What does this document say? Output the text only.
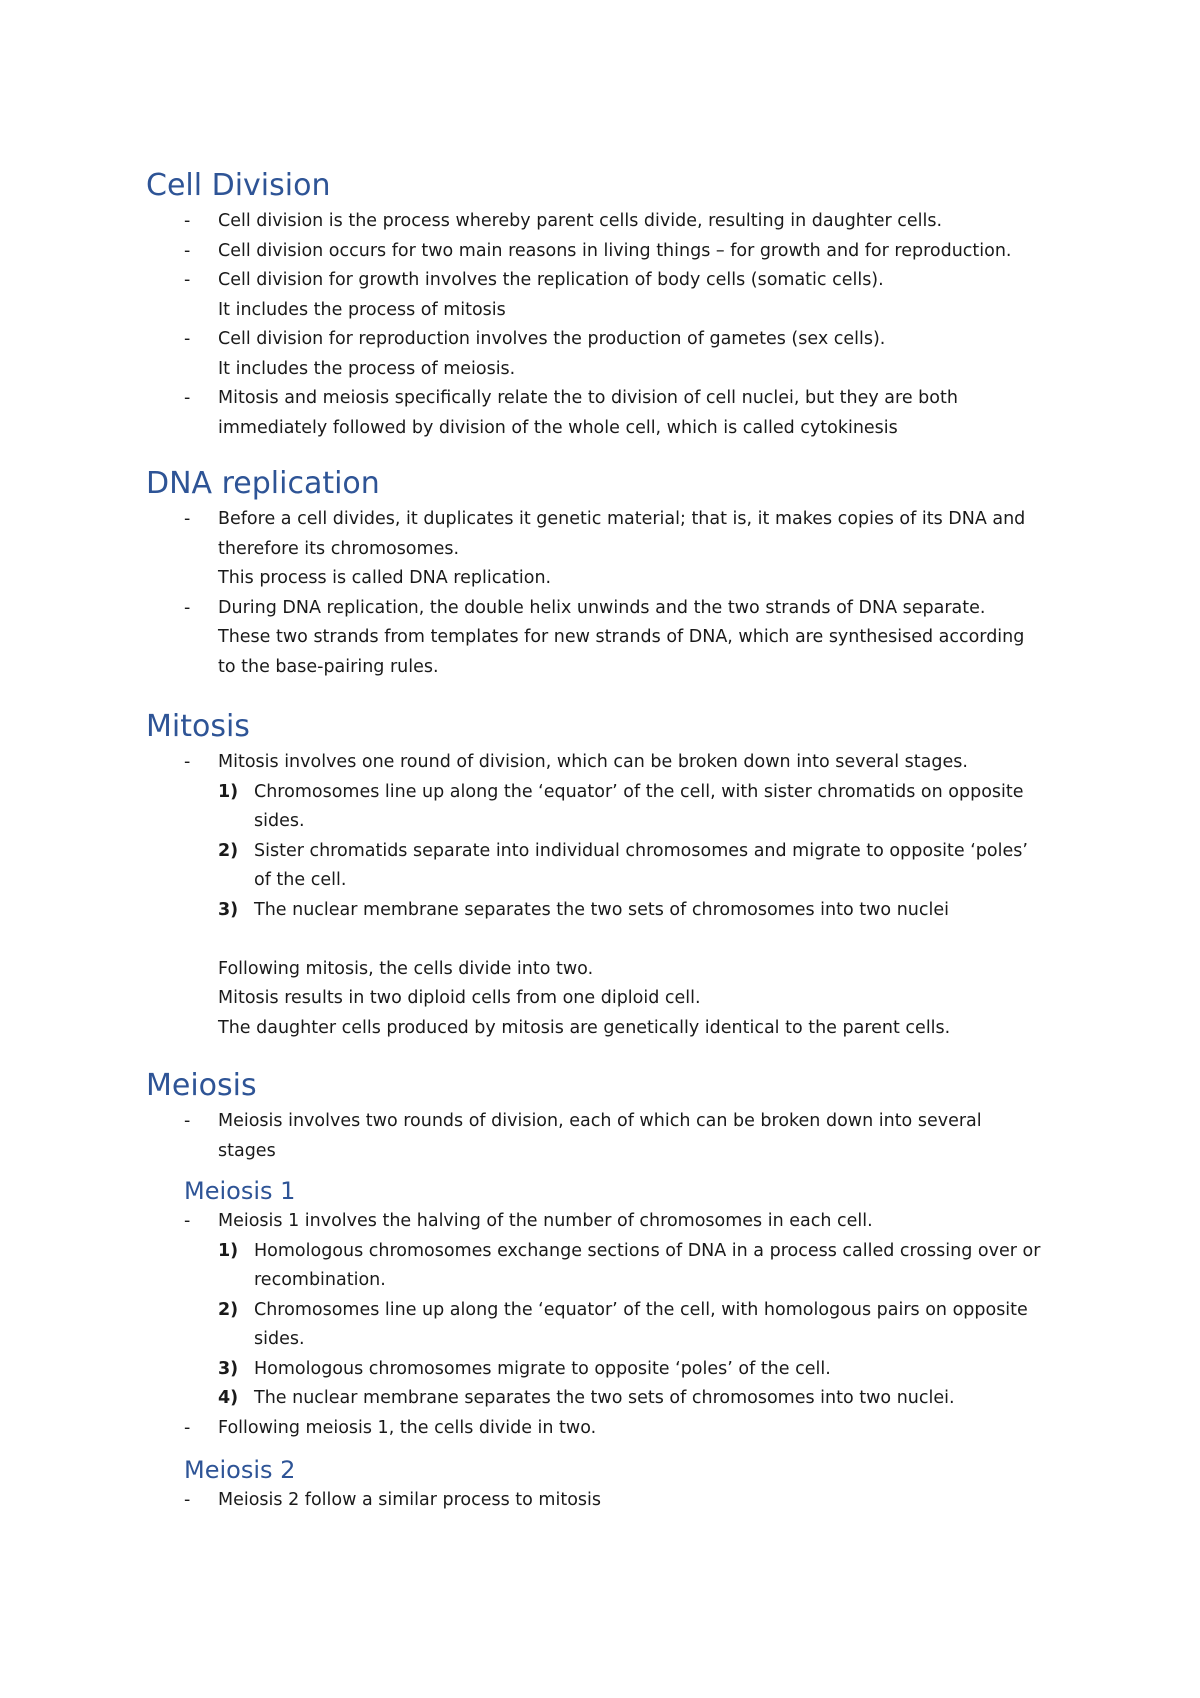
Cell Division
- Cell division is the process whereby parent cells divide, resulting in daughter cells.
- Cell division occurs for two main reasons in living things – for growth and for reproduction.
- Cell division for growth involves the replication of body cells (somatic cells).
It includes the process of mitosis
- Cell division for reproduction involves the production of gametes (sex cells).
It includes the process of meiosis.
- Mitosis and meiosis specifically relate the to division of cell nuclei, but they are both
immediately followed by division of the whole cell, which is called cytokinesis
DNA replication
- Before a cell divides, it duplicates it genetic material; that is, it makes copies of its DNA and
therefore its chromosomes.
This process is called DNA replication.
- During DNA replication, the double helix unwinds and the two strands of DNA separate.
These two strands from templates for new strands of DNA, which are synthesised according
to the base-pairing rules.
Mitosis
- Mitosis involves one round of division, which can be broken down into several stages.
1) Chromosomes line up along the ‘equator’ of the cell, with sister chromatids on opposite
sides.
2) Sister chromatids separate into individual chromosomes and migrate to opposite ‘poles’
of the cell.
3) The nuclear membrane separates the two sets of chromosomes into two nuclei
Following mitosis, the cells divide into two.
Mitosis results in two diploid cells from one diploid cell.
The daughter cells produced by mitosis are genetically identical to the parent cells.
Meiosis
- Meiosis involves two rounds of division, each of which can be broken down into several
stages
Meiosis 1
- Meiosis 1 involves the halving of the number of chromosomes in each cell.
1) Homologous chromosomes exchange sections of DNA in a process called crossing over or
recombination.
2) Chromosomes line up along the ‘equator’ of the cell, with homologous pairs on opposite
sides.
3) Homologous chromosomes migrate to opposite ‘poles’ of the cell.
4) The nuclear membrane separates the two sets of chromosomes into two nuclei.
- Following meiosis 1, the cells divide in two.
Meiosis 2
- Meiosis 2 follow a similar process to mitosis
